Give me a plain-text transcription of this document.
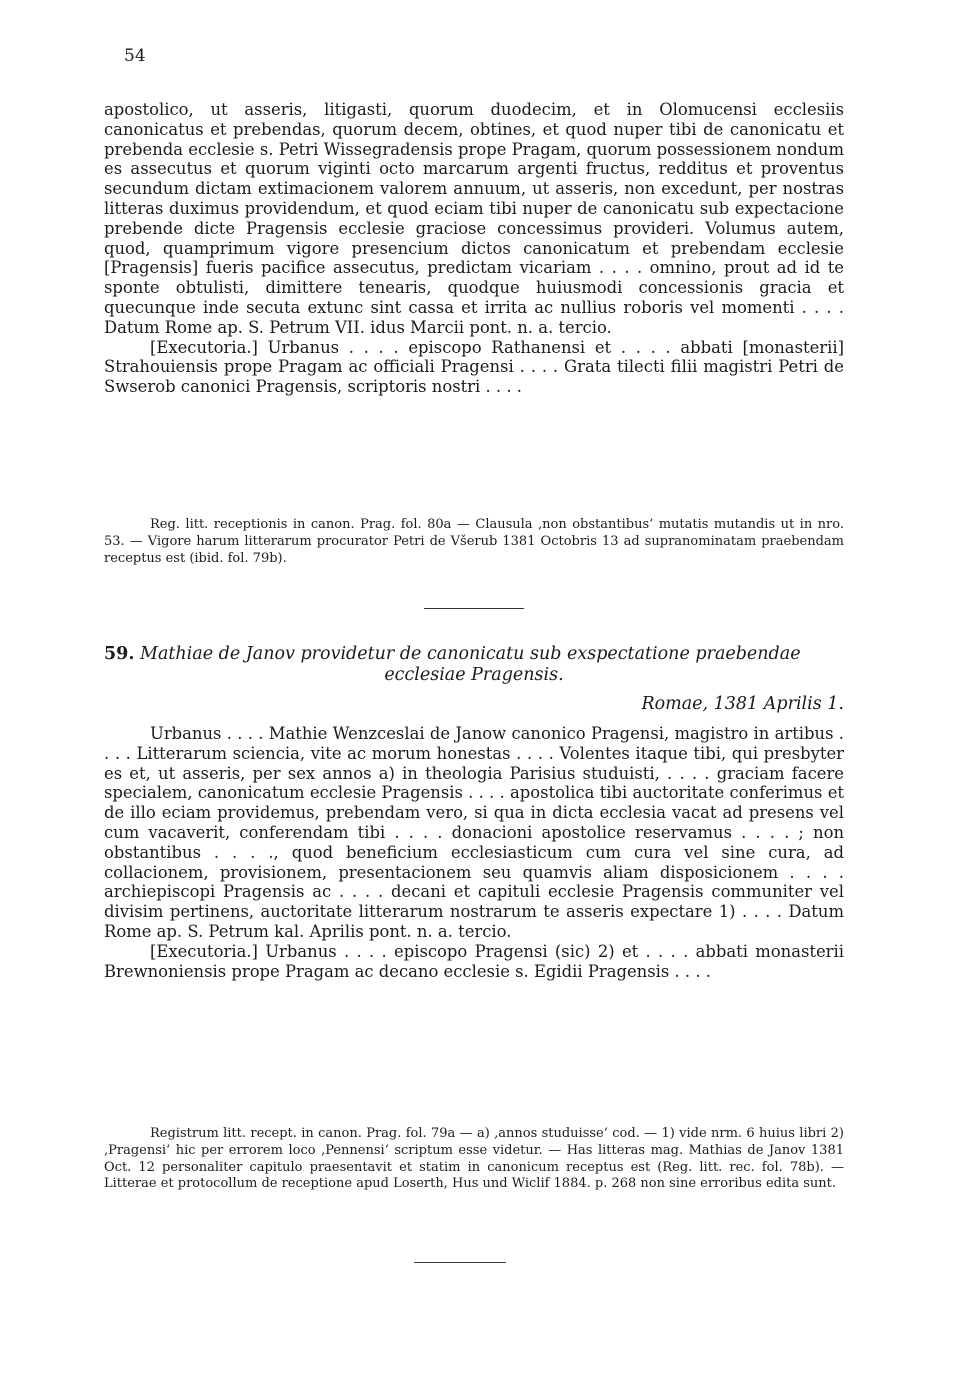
54

apostolico, ut asseris, litigasti, quorum duodecim, et in Olomucensi ecclesiis canonicatus et prebendas, quorum decem, obtines, et quod nuper tibi de canonicatu et prebenda ecclesie s. Petri Wissegradensis prope Pragam, quorum possessionem nondum es assecutus et quorum viginti octo marcarum argenti fructus, redditus et proventus secundum dictam extimacionem valorem annuum, ut asseris, non excedunt, per nostras litteras duximus providendum, et quod eciam tibi nuper de canonicatu sub expectacione prebende dicte Pragensis ecclesie graciose concessimus provideri. Volumus autem, quod, quamprimum vigore presencium dictos canonicatum et prebendam ecclesie [Pragensis] fueris pacifice assecutus, predictam vicariam . . . . omnino, prout ad id te sponte obtulisti, dimittere tenearis, quodque huiusmodi concessionis gracia et quecunque inde secuta extunc sint cassa et irrita ac nullius roboris vel momenti . . . . Datum Rome ap. S. Petrum VII. idus Marcii pont. n. a. tercio.

[Executoria.] Urbanus . . . . episcopo Rathanensi et . . . . abbati [monasterii] Strahouiensis prope Pragam ac officiali Pragensi . . . . Grata tilecti filii magistri Petri de Swserob canonici Pragensis, scriptoris nostri . . . .

Reg. litt. receptionis in canon. Prag. fol. 80a — Clausula ‚non obstantibus‘ mutatis mutandis ut in nro. 53. — Vigore harum litterarum procurator Petri de Všerub 1381 Octobris 13 ad supranominatam praebendam receptus est (ibid. fol. 79b).

59. Mathiae de Janov providetur de canonicatu sub exspectatione praebendae
ecclesiae Pragensis.
Romae, 1381 Aprilis 1.

Urbanus . . . . Mathie Wenzceslai de Janow canonico Pragensi, magistro in artibus . . . . Litterarum sciencia, vite ac morum honestas . . . . Volentes itaque tibi, qui presbyter es et, ut asseris, per sex annos a) in theologia Parisius studuisti, . . . . graciam facere specialem, canonicatum ecclesie Pragensis . . . . apostolica tibi auctoritate conferimus et de illo eciam providemus, prebendam vero, si qua in dicta ecclesia vacat ad presens vel cum vacaverit, conferendam tibi . . . . donacioni apostolice reservamus . . . . ; non obstantibus . . . ., quod beneficium ecclesiasticum cum cura vel sine cura, ad collacionem, provisionem, presentacionem seu quamvis aliam disposicionem . . . . archiepiscopi Pragensis ac . . . . decani et capituli ecclesie Pragensis communiter vel divisim pertinens, auctoritate litterarum nostrarum te asseris expectare 1) . . . . Datum Rome ap. S. Petrum kal. Aprilis pont. n. a. tercio.

[Executoria.] Urbanus . . . . episcopo Pragensi (sic) 2) et . . . . abbati monasterii Brewnoniensis prope Pragam ac decano ecclesie s. Egidii Pragensis . . . .

Registrum litt. recept. in canon. Prag. fol. 79a — a) ‚annos studuisse‘ cod. — 1) vide nrm. 6 huius libri 2) ‚Pragensi‘ hic per errorem loco ‚Pennensi‘ scriptum esse videtur. — Has litteras mag. Mathias de Janov 1381 Oct. 12 personaliter capitulo praesentavit et statim in canonicum receptus est (Reg. litt. rec. fol. 78b). — Litterae et protocollum de receptione apud Loserth, Hus und Wiclif 1884. p. 268 non sine erroribus edita sunt.
